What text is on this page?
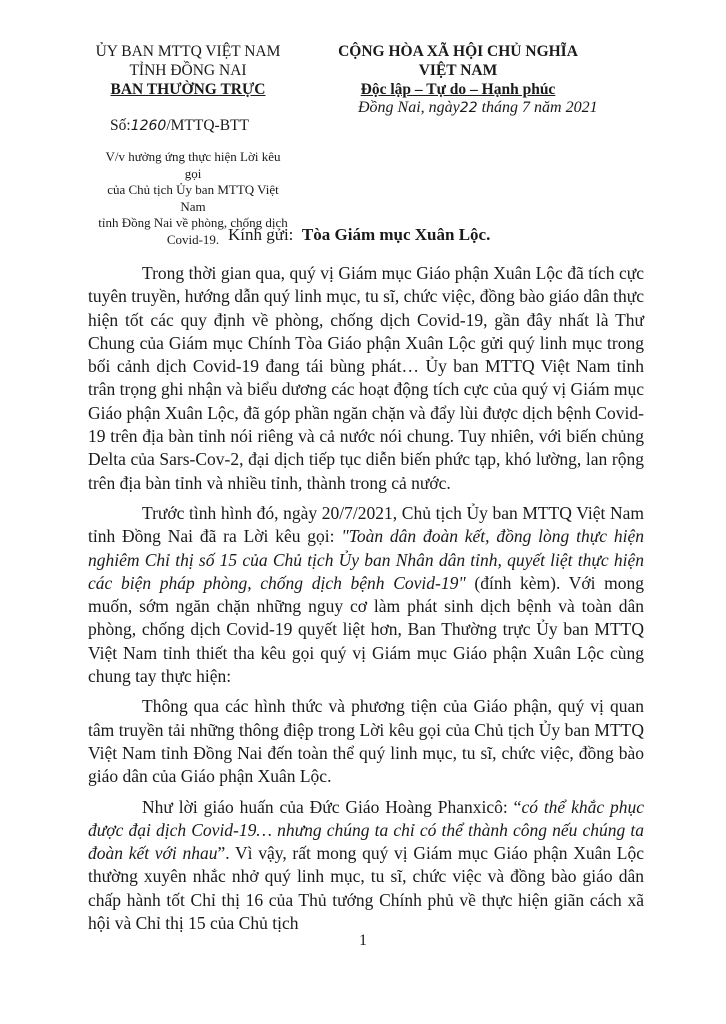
ỦY BAN MTTQ VIỆT NAM
TỈNH ĐỒNG NAI
BAN THƯỜNG TRỰC
Số:1260/MTTQ-BTT
V/v hưởng ứng thực hiện Lời kêu gọi
của Chủ tịch Ủy ban MTTQ Việt Nam
tỉnh Đồng Nai về phòng, chống dịch
Covid-19.
CỘNG HÒA XÃ HỘI CHỦ NGHĨA VIỆT NAM
Độc lập – Tự do – Hạnh phúc
Đồng Nai, ngày22 tháng 7 năm 2021
Kính gửi: Tòa Giám mục Xuân Lộc.

Trong thời gian qua, quý vị Giám mục Giáo phận Xuân Lộc đã tích cực tuyên truyền, hướng dẫn quý linh mục, tu sĩ, chức việc, đồng bào giáo dân thực hiện tốt các quy định về phòng, chống dịch Covid-19, gần đây nhất là Thư Chung của Giám mục Chính Tòa Giáo phận Xuân Lộc gửi quý linh mục trong bối cảnh dịch Covid-19 đang tái bùng phát… Ủy ban MTTQ Việt Nam tỉnh trân trọng ghi nhận và biểu dương các hoạt động tích cực của quý vị Giám mục Giáo phận Xuân Lộc, đã góp phần ngăn chặn và đẩy lùi được dịch bệnh Covid-19 trên địa bàn tỉnh nói riêng và cả nước nói chung. Tuy nhiên, với biến chủng Delta của Sars-Cov-2, đại dịch tiếp tục diễn biến phức tạp, khó lường, lan rộng trên địa bàn tỉnh và nhiều tỉnh, thành trong cả nước.

Trước tình hình đó, ngày 20/7/2021, Chủ tịch Ủy ban MTTQ Việt Nam tỉnh Đồng Nai đã ra Lời kêu gọi: "Toàn dân đoàn kết, đồng lòng thực hiện nghiêm Chỉ thị số 15 của Chủ tịch Ủy ban Nhân dân tỉnh, quyết liệt thực hiện các biện pháp phòng, chống dịch bệnh Covid-19" (đính kèm). Với mong muốn, sớm ngăn chặn những nguy cơ làm phát sinh dịch bệnh và toàn dân phòng, chống dịch Covid-19 quyết liệt hơn, Ban Thường trực Ủy ban MTTQ Việt Nam tỉnh thiết tha kêu gọi quý vị Giám mục Giáo phận Xuân Lộc cùng chung tay thực hiện:

Thông qua các hình thức và phương tiện của Giáo phận, quý vị quan tâm truyền tải những thông điệp trong Lời kêu gọi của Chủ tịch Ủy ban MTTQ Việt Nam tỉnh Đồng Nai đến toàn thể quý linh mục, tu sĩ, chức việc, đồng bào giáo dân của Giáo phận Xuân Lộc.

Như lời giáo huấn của Đức Giáo Hoàng Phanxicô: “có thể khắc phục được đại dịch Covid-19… nhưng chúng ta chỉ có thể thành công nếu chúng ta đoàn kết với nhau”. Vì vậy, rất mong quý vị Giám mục Giáo phận Xuân Lộc thường xuyên nhắc nhở quý linh mục, tu sĩ, chức việc và đồng bào giáo dân chấp hành tốt Chỉ thị 16 của Thủ tướng Chính phủ về thực hiện giãn cách xã hội và Chỉ thị 15 của Chủ tịch

1
